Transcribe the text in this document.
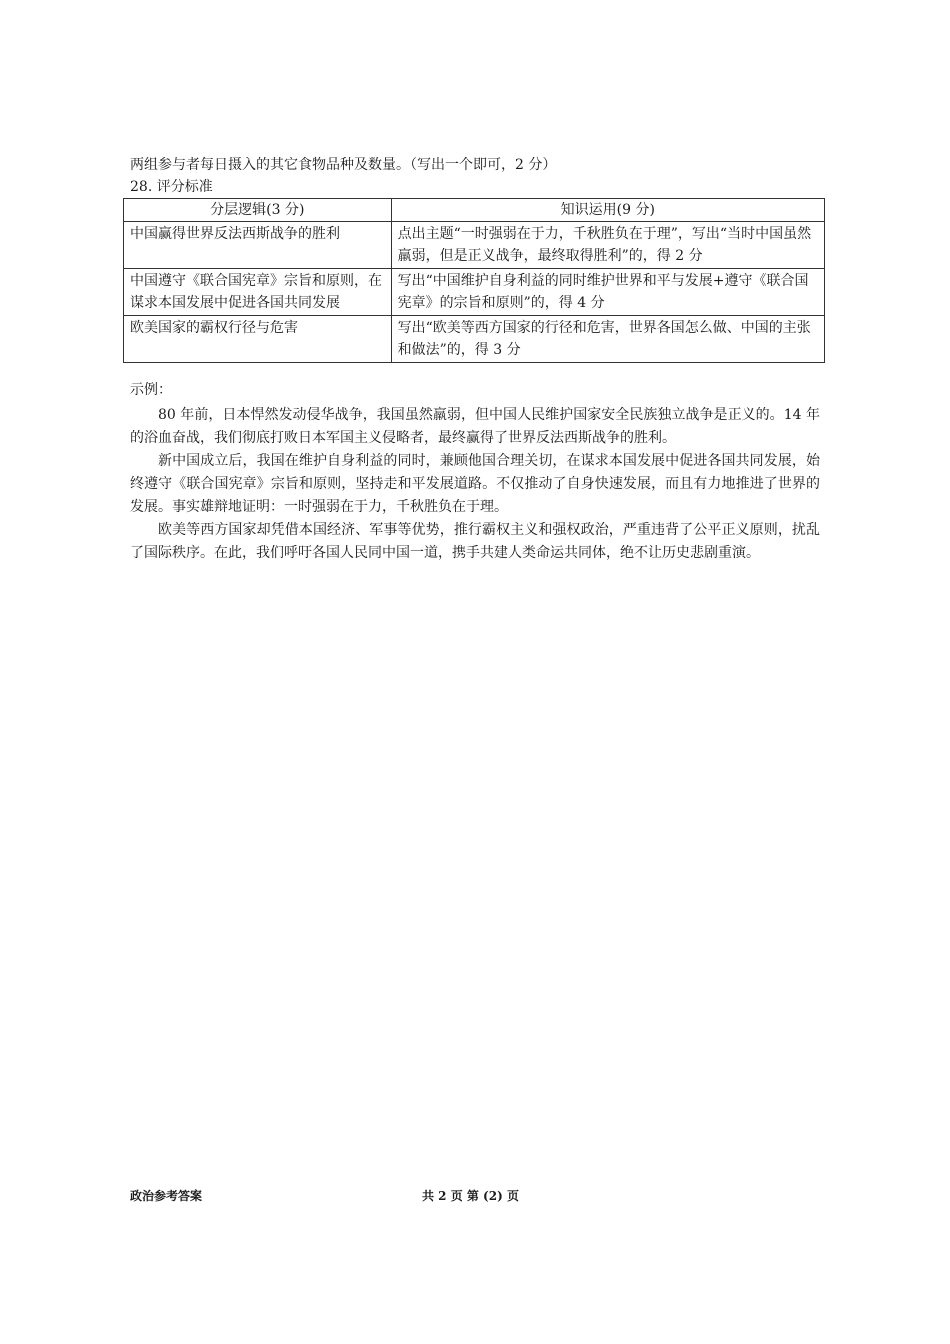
两组参与者每日摄入的其它食物品种及数量。（写出一个即可，2 分）
28. 评分标准
分层逻辑(3 分)	知识运用(9 分)
中国赢得世界反法西斯战争的胜利	点出主题“一时强弱在于力，千秋胜负在于理”，写出“当时中国虽然羸弱，但是正义战争，最终取得胜利”的，得 2 分
中国遵守《联合国宪章》宗旨和原则，在谋求本国发展中促进各国共同发展	写出“中国维护自身利益的同时维护世界和平与发展+遵守《联合国宪章》的宗旨和原则”的，得 4 分
欧美国家的霸权行径与危害	写出“欧美等西方国家的行径和危害，世界各国怎么做、中国的主张和做法”的，得 3 分
示例：
80 年前，日本悍然发动侵华战争，我国虽然羸弱，但中国人民维护国家安全民族独立战争是正义的。14 年的浴血奋战，我们彻底打败日本军国主义侵略者，最终赢得了世界反法西斯战争的胜利。
新中国成立后，我国在维护自身利益的同时，兼顾他国合理关切，在谋求本国发展中促进各国共同发展，始终遵守《联合国宪章》宗旨和原则，坚持走和平发展道路。不仅推动了自身快速发展，而且有力地推进了世界的发展。事实雄辩地证明：一时强弱在于力，千秋胜负在于理。
欧美等西方国家却凭借本国经济、军事等优势，推行霸权主义和强权政治，严重违背了公平正义原则，扰乱了国际秩序。在此，我们呼吁各国人民同中国一道，携手共建人类命运共同体，绝不让历史悲剧重演。
政治参考答案	共 2 页 第 (2) 页
